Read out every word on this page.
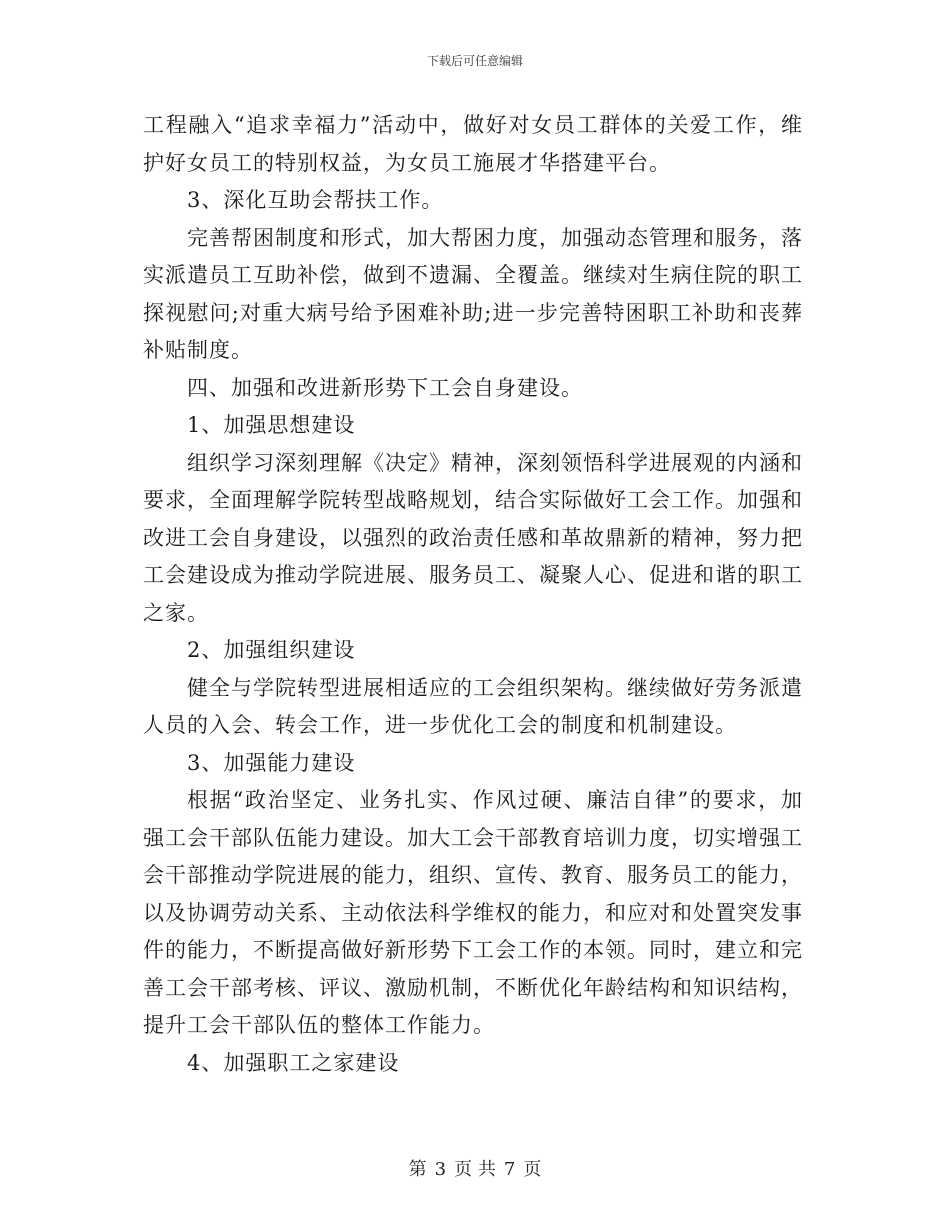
下载后可任意编辑

工程融入“追求幸福力”活动中，做好对女员工群体的关爱工作，维护好女员工的特别权益，为女员工施展才华搭建平台。

3、深化互助会帮扶工作。

完善帮困制度和形式，加大帮困力度，加强动态管理和服务，落实派遣员工互助补偿，做到不遗漏、全覆盖。继续对生病住院的职工探视慰问;对重大病号给予困难补助;进一步完善特困职工补助和丧葬补贴制度。

四、加强和改进新形势下工会自身建设。

1、加强思想建设

组织学习深刻理解《决定》精神，深刻领悟科学进展观的内涵和要求，全面理解学院转型战略规划，结合实际做好工会工作。加强和改进工会自身建设，以强烈的政治责任感和革故鼎新的精神，努力把工会建设成为推动学院进展、服务员工、凝聚人心、促进和谐的职工之家。

2、加强组织建设

健全与学院转型进展相适应的工会组织架构。继续做好劳务派遣人员的入会、转会工作，进一步优化工会的制度和机制建设。

3、加强能力建设

根据“政治坚定、业务扎实、作风过硬、廉洁自律”的要求，加强工会干部队伍能力建设。加大工会干部教育培训力度，切实增强工会干部推动学院进展的能力，组织、宣传、教育、服务员工的能力，以及协调劳动关系、主动依法科学维权的能力，和应对和处置突发事件的能力，不断提高做好新形势下工会工作的本领。同时，建立和完善工会干部考核、评议、激励机制，不断优化年龄结构和知识结构，提升工会干部队伍的整体工作能力。

4、加强职工之家建设

第 3 页 共 7 页
